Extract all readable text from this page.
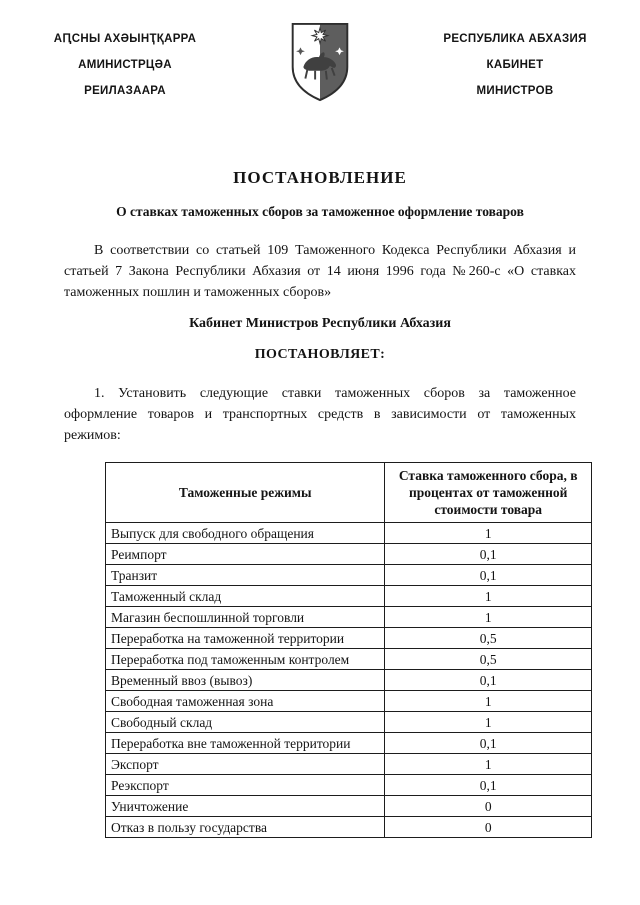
АԤСНЫ АХӘЫНҬҚАРРА
АМИНИСТРЦӘА
РЕИЛАЗААРА
РЕСПУБЛИКА АБХАЗИЯ
КАБИНЕТ
МИНИСТРОВ
ПОСТАНОВЛЕНИЕ
О ставках таможенных сборов за таможенное оформление товаров

В соответствии со статьей 109 Таможенного Кодекса Республики Абхазия и статьей 7 Закона Республики Абхазия от 14 июня 1996 года №260-с «О ставках таможенных пошлин и таможенных сборов»

Кабинет Министров Республики Абхазия
ПОСТАНОВЛЯЕТ:

1. Установить следующие ставки таможенных сборов за таможенное оформление товаров и транспортных средств в зависимости от таможенных режимов:

Таможенные режимы	Ставка таможенного сбора, в процентах от таможенной стоимости товара
Выпуск для свободного обращения	1
Реимпорт	0,1
Транзит	0,1
Таможенный склад	1
Магазин беспошлинной торговли	1
Переработка на таможенной территории	0,5
Переработка под таможенным контролем	0,5
Временный ввоз (вывоз)	0,1
Свободная таможенная зона	1
Свободный склад	1
Переработка вне таможенной территории	0,1
Экспорт	1
Реэкспорт	0,1
Уничтожение	0
Отказ в пользу государства	0
